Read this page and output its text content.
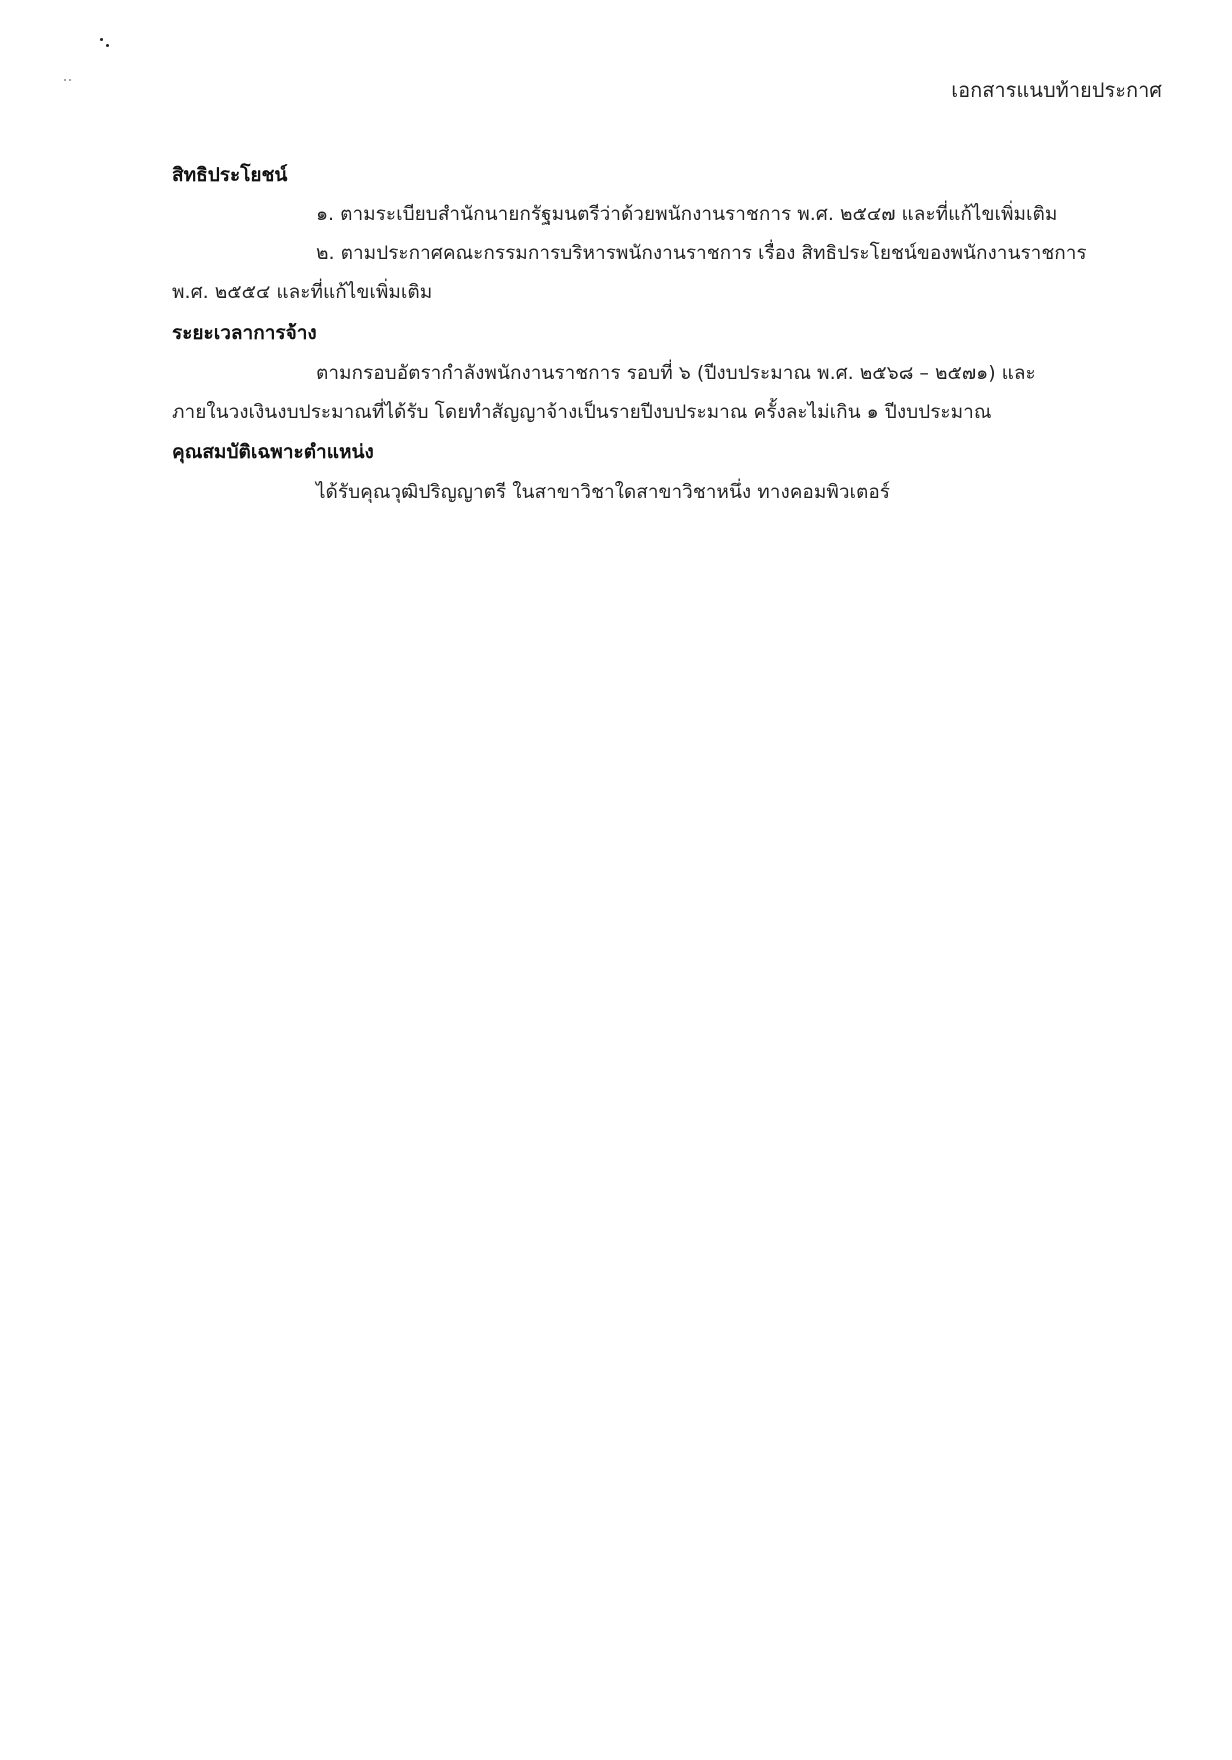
เอกสารแนบท้ายประกาศ
สิทธิประโยชน์
๑. ตามระเบียบสำนักนายกรัฐมนตรีว่าด้วยพนักงานราชการ พ.ศ. ๒๕๔๗ และที่แก้ไขเพิ่มเติม
๒. ตามประกาศคณะกรรมการบริหารพนักงานราชการ เรื่อง สิทธิประโยชน์ของพนักงานราชการ
พ.ศ. ๒๕๕๔ และที่แก้ไขเพิ่มเติม
ระยะเวลาการจ้าง
ตามกรอบอัตรากำลังพนักงานราชการ รอบที่ ๖ (ปีงบประมาณ พ.ศ. ๒๕๖๘ – ๒๕๗๑) และ
ภายในวงเงินงบประมาณที่ได้รับ โดยทำสัญญาจ้างเป็นรายปีงบประมาณ ครั้งละไม่เกิน ๑ ปีงบประมาณ
คุณสมบัติเฉพาะตำแหน่ง
ได้รับคุณวุฒิปริญญาตรี ในสาขาวิชาใดสาขาวิชาหนึ่ง ทางคอมพิวเตอร์
